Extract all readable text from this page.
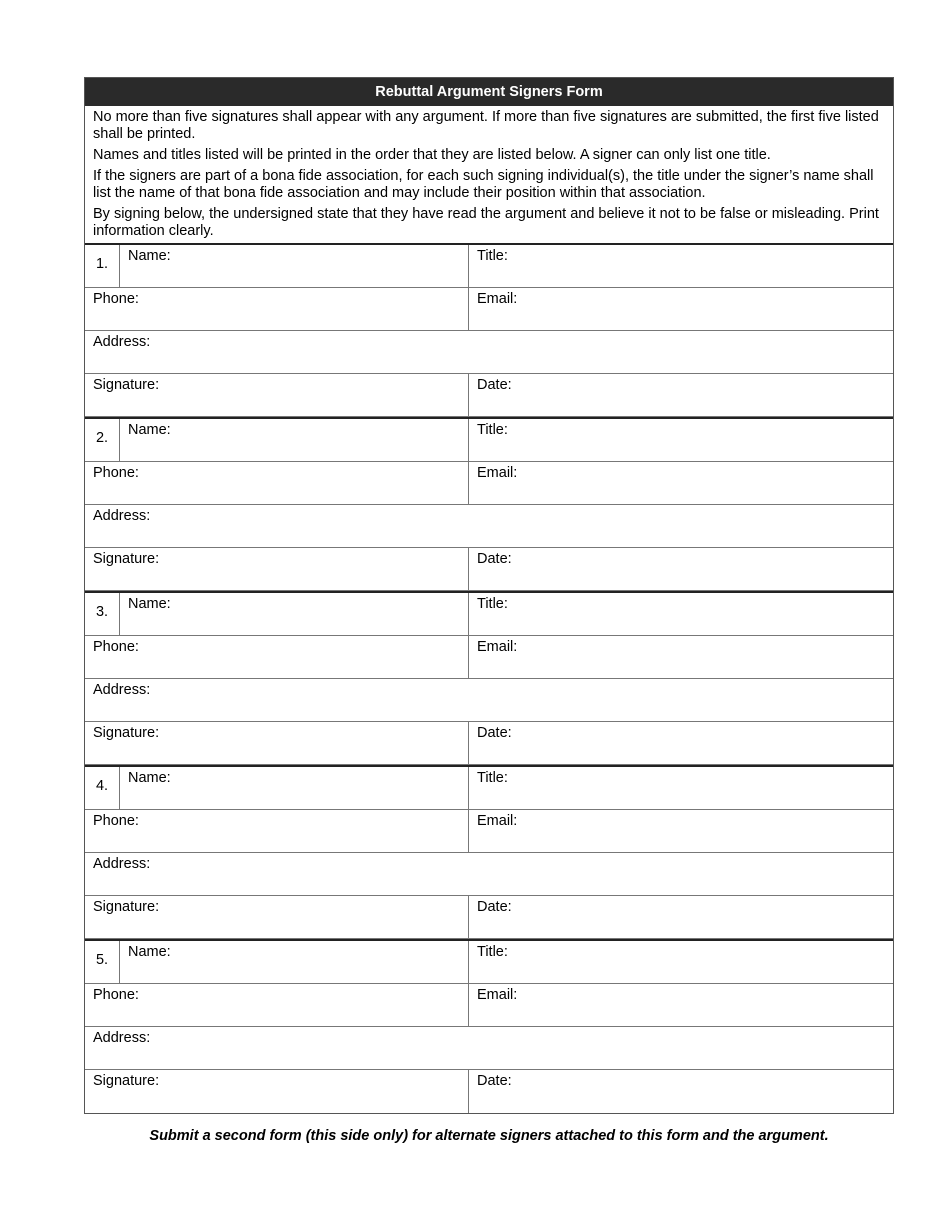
Rebuttal Argument Signers Form

No more than five signatures shall appear with any argument. If more than five signatures are submitted, the first five listed shall be printed.

Names and titles listed will be printed in the order that they are listed below. A signer can only list one title.

If the signers are part of a bona fide association, for each such signing individual(s), the title under the signer’s name shall list the name of that bona fide association and may include their position within that association.

By signing below, the undersigned state that they have read the argument and believe it not to be false or misleading. Print information clearly.

1.	Name:	Title:
Phone:	Email:
Address:
Signature:	Date:
2.	Name:	Title:
Phone:	Email:
Address:
Signature:	Date:
3.	Name:	Title:
Phone:	Email:
Address:
Signature:	Date:
4.	Name:	Title:
Phone:	Email:
Address:
Signature:	Date:
5.	Name:	Title:
Phone:	Email:
Address:
Signature:	Date:
Submit a second form (this side only) for alternate signers attached to this form and the argument.
